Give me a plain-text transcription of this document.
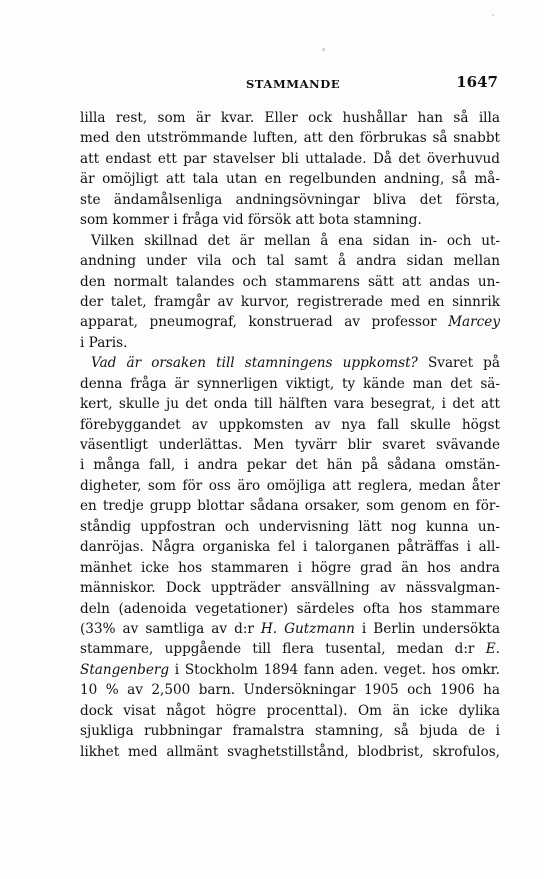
STAMMANDE	1647
lilla rest, som är kvar. Eller ock hushållar han så illa
med den utströmmande luften, att den förbrukas så snabbt
att endast ett par stavelser bli uttalade. Då det överhuvud
är omöjligt att tala utan en regelbunden andning, så må-
ste ändamålsenliga andningsövningar bliva det första,
som kommer i fråga vid försök att bota stamning.
Vilken skillnad det är mellan å ena sidan in- och ut-
andning under vila och tal samt å andra sidan mellan
den normalt talandes och stammarens sätt att andas un-
der talet, framgår av kurvor, registrerade med en sinnrik
apparat, pneumograf, konstruerad av professor Marcey
i Paris.
Vad är orsaken till stamningens uppkomst? Svaret på
denna fråga är synnerligen viktigt, ty kände man det sä-
kert, skulle ju det onda till hälften vara besegrat, i det att
förebyggandet av uppkomsten av nya fall skulle högst
väsentligt underlättas. Men tyvärr blir svaret svävande
i många fall, i andra pekar det hän på sådana omstän-
digheter, som för oss äro omöjliga att reglera, medan åter
en tredje grupp blottar sådana orsaker, som genom en för-
ståndig uppfostran och undervisning lätt nog kunna un-
danröjas. Några organiska fel i talorganen påträffas i all-
mänhet icke hos stammaren i högre grad än hos andra
människor. Dock uppträder ansvällning av nässvalgman-
deln (adenoida vegetationer) särdeles ofta hos stammare
(33% av samtliga av d:r H. Gutzmann i Berlin undersökta
stammare, uppgående till flera tusental, medan d:r E.
Stangenberg i Stockholm 1894 fann aden. veget. hos omkr.
10 % av 2,500 barn. Undersökningar 1905 och 1906 ha
dock visat något högre procenttal). Om än icke dylika
sjukliga rubbningar framalstra stamning, så bjuda de i
likhet med allmänt svaghetstillstånd, blodbrist, skrofulos,
